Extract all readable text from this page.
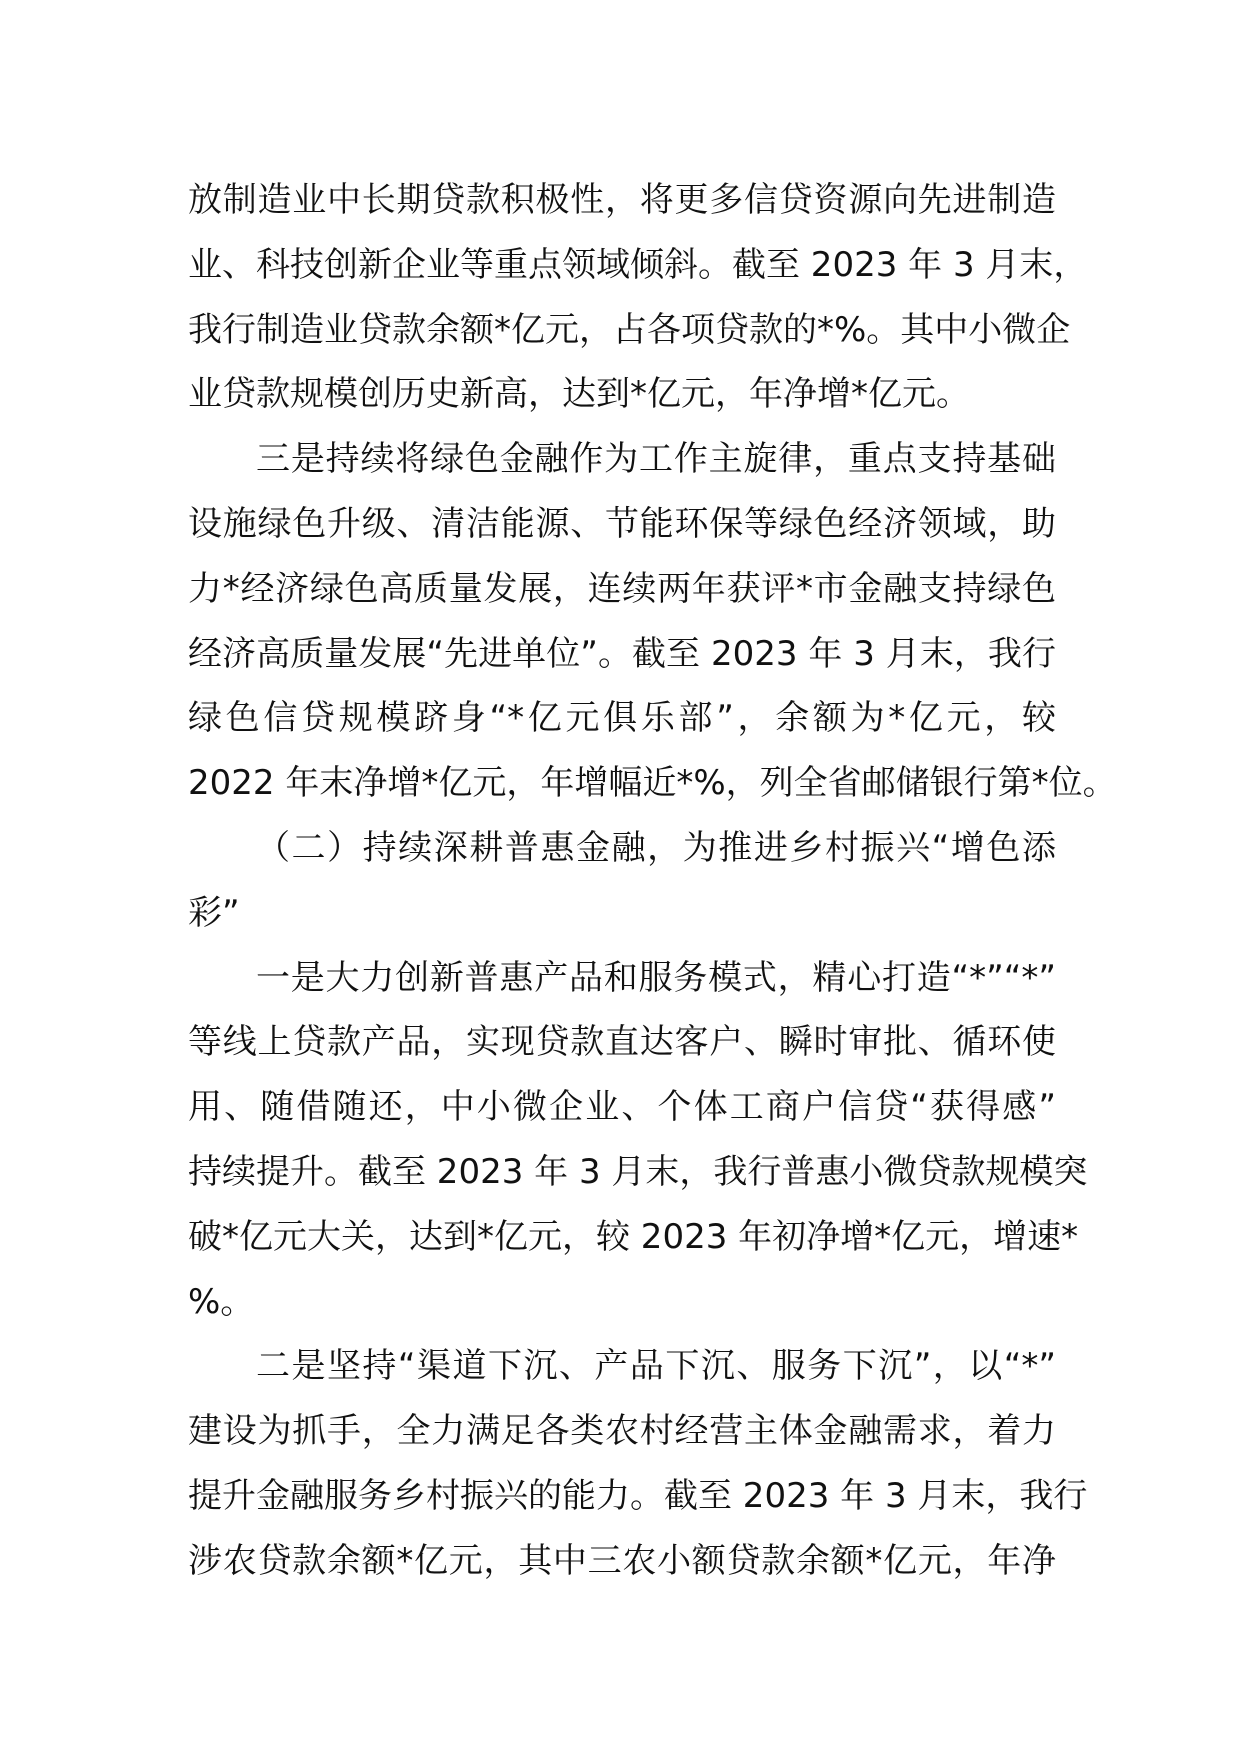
放制造业中长期贷款积极性，将更多信贷资源向先进制造
业、科技创新企业等重点领域倾斜。截至 2023 年 3 月末，
我行制造业贷款余额*亿元，占各项贷款的*%。其中小微企
业贷款规模创历史新高，达到*亿元，年净增*亿元。
三是持续将绿色金融作为工作主旋律，重点支持基础
设施绿色升级、清洁能源、节能环保等绿色经济领域，助
力*经济绿色高质量发展，连续两年获评*市金融支持绿色
经济高质量发展“先进单位”。截至 2023 年 3 月末，我行
绿色信贷规模跻身“*亿元俱乐部”，余额为*亿元，较
2022 年末净增*亿元，年增幅近*%，列全省邮储银行第*位。
（二）持续深耕普惠金融，为推进乡村振兴“增色添
彩”
一是大力创新普惠产品和服务模式，精心打造“*”“*”
等线上贷款产品，实现贷款直达客户、瞬时审批、循环使
用、随借随还，中小微企业、个体工商户信贷“获得感”
持续提升。截至 2023 年 3 月末，我行普惠小微贷款规模突
破*亿元大关，达到*亿元，较 2023 年初净增*亿元，增速*
%。
二是坚持“渠道下沉、产品下沉、服务下沉”，以“*”
建设为抓手，全力满足各类农村经营主体金融需求，着力
提升金融服务乡村振兴的能力。截至 2023 年 3 月末，我行
涉农贷款余额*亿元，其中三农小额贷款余额*亿元，年净
